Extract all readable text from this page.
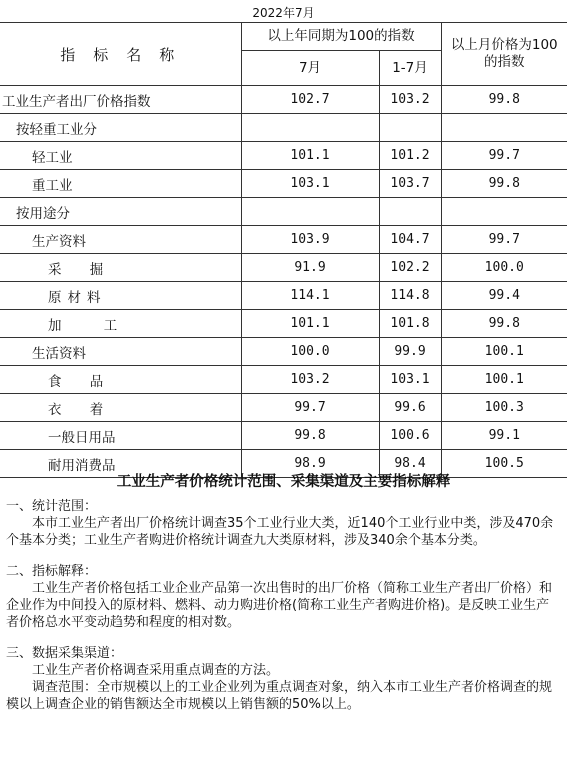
2022年7月
指标名称	以上年同期为100的指数		以上月价格为100的指数
	7月	1-7月	
工业生产者出厂价格指数	102.7	103.2	99.8
按轻重工业分			
轻工业	101.1	101.2	99.7
重工业	103.1	103.7	99.8
按用途分			
生产资料	103.9	104.7	99.7
采 掘	91.9	102.2	100.0
原材料	114.1	114.8	99.4
加 工	101.1	101.8	99.8
生活资料	100.0	99.9	100.1
食 品	103.2	103.1	100.1
衣 着	99.7	99.6	100.3
一般日用品	99.8	100.6	99.1
耐用消费品	98.9	98.4	100.5
工业生产者价格统计范围、采集渠道及主要指标解释

一、统计范围：

本市工业生产者出厂价格统计调查35个工业行业大类，近140个工业行业中类，涉及470余个基本分类；工业生产者购进价格统计调查九大类原材料，涉及340余个基本分类。

二、指标解释：

工业生产者价格包括工业企业产品第一次出售时的出厂价格（简称工业生产者出厂价格）和企业作为中间投入的原材料、燃料、动力购进价格(简称工业生产者购进价格)。是反映工业生产者价格总水平变动趋势和程度的相对数。

三、数据采集渠道：

工业生产者价格调查采用重点调查的方法。

调查范围：全市规模以上的工业企业列为重点调查对象，纳入本市工业生产者价格调查的规模以上调查企业的销售额达全市规模以上销售额的50%以上。
